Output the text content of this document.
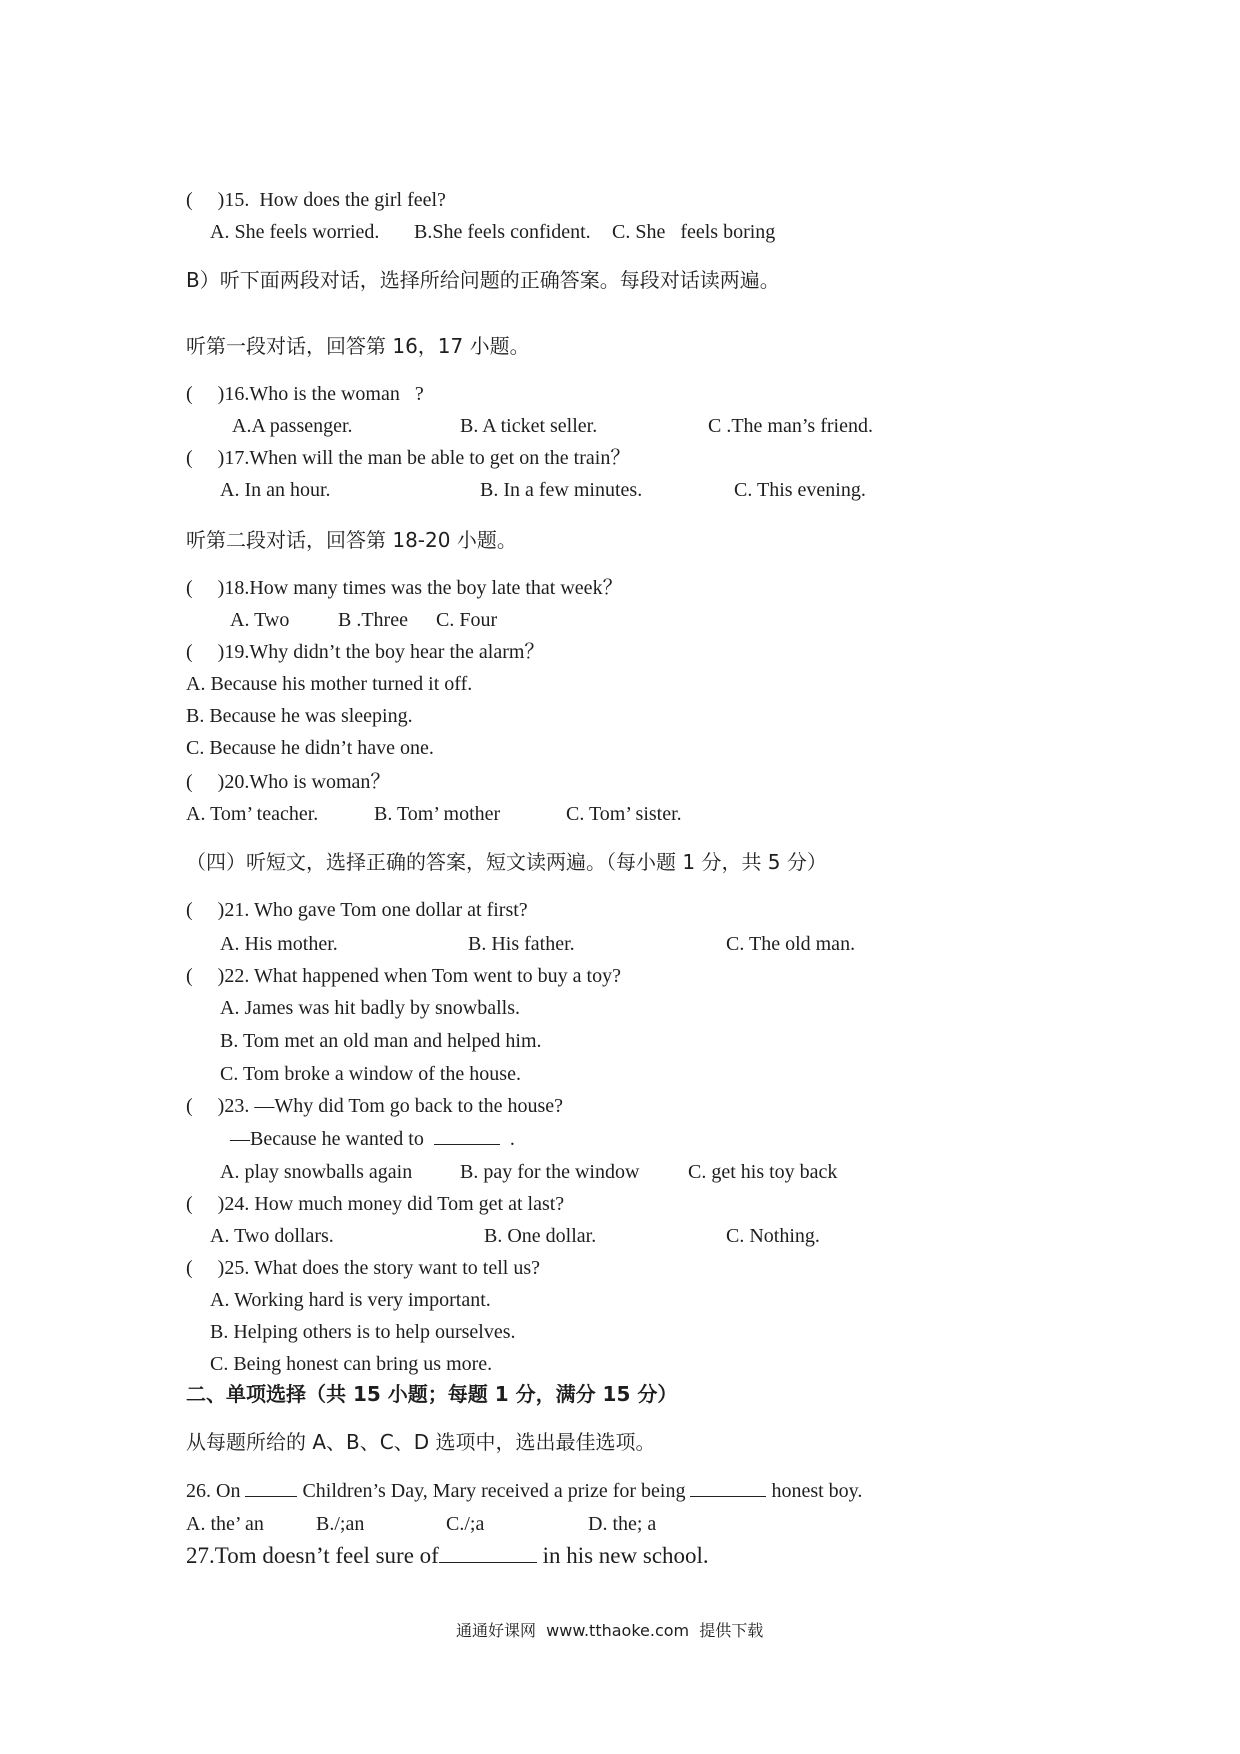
(     )15.  How does the girl feel?
A. She feels worried. B.She feels confident. C. She   feels boring
B）听下面两段对话，选择所给问题的正确答案。每段对话读两遍。
听第一段对话，回答第 16，17 小题。
(     )16.Who is the woman   ?
A.A passenger.	B. A ticket seller.	C .The man’s friend.
(     )17.When will the man be able to get on the train？
A. In an hour.	B. In a few minutes.	C. This evening.
听第二段对话，回答第 18-20 小题。
(     )18.How many times was the boy late that week？
A. Two B .Three C. Four
(     )19.Why didn’t the boy hear the alarm？
A. Because his mother turned it off.
B. Because he was sleeping.
C. Because he didn’t have one.
(     )20.Who is woman？
A. Tom’ teacher.	B. Tom’ mother	C. Tom’ sister.
（四）听短文，选择正确的答案，短文读两遍。（每小题 1 分，共 5 分）
(     )21. Who gave Tom one dollar at first?
A. His mother.	B. His father.	C. The old man.
(     )22. What happened when Tom went to buy a toy?
A. James was hit badly by snowballs.
B. Tom met an old man and helped him.
C. Tom broke a window of the house.
(     )23. —Why did Tom go back to the house?
—Because he wanted to	.
A. play snowballs again B. pay for the window C. get his toy back
(     )24. How much money did Tom get at last?
A. Two dollars.	B. One dollar.	C. Nothing.
(     )25. What does the story want to tell us?
A. Working hard is very important.
B. Helping others is to help ourselves.
C. Being honest can bring us more.
二、单项选择（共 15 小题；每题 1 分，满分 15 分）
从每题所给的 A、B、C、D 选项中，选出最佳选项。
26. On	Children’s Day, Mary received a prize for being	honest boy.
A. the’ an	B./;an	C./;a	D. the; a
27.Tom doesn’t feel sure of	in his new school.
通通好课网  www.tthaoke.com  提供下载
